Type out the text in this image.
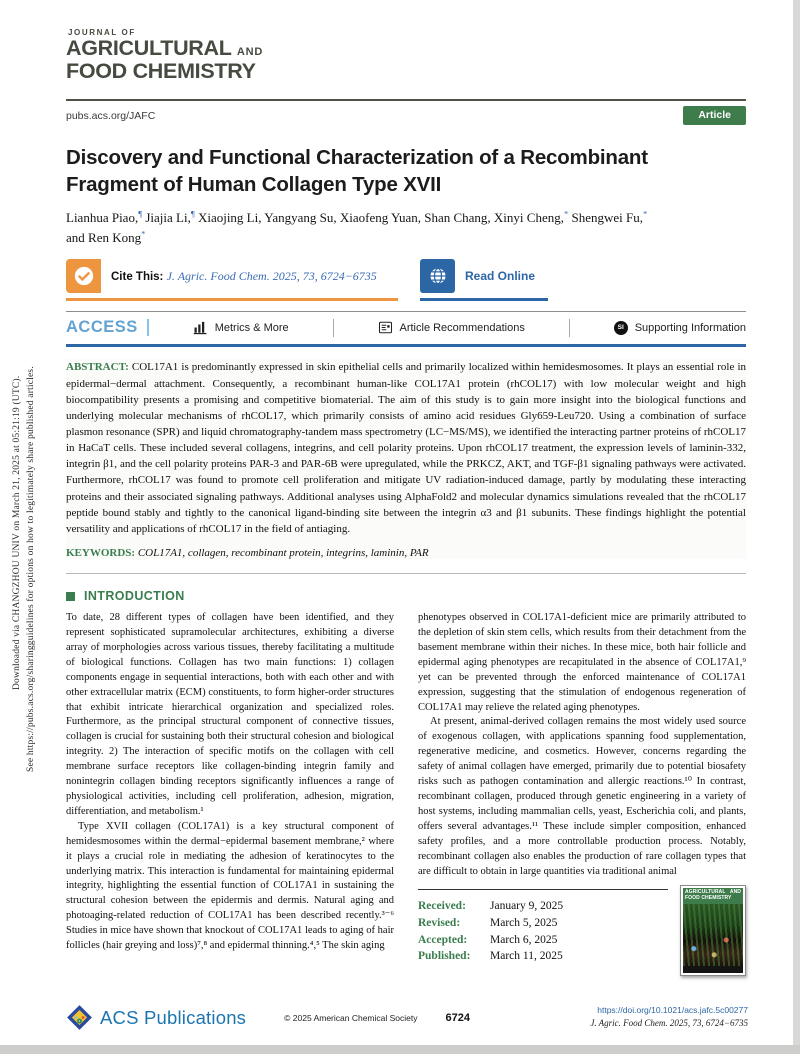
Downloaded via CHANGZHOU UNIV on March 21, 2025 at 05:21:19 (UTC). See https://pubs.acs.org/sharingguidelines for options on how to legitimately share published articles.
JOURNAL OF
AGRICULTURAL AND
FOOD CHEMISTRY
pubs.acs.org/JAFC	Article
Discovery and Functional Characterization of a Recombinant Fragment of Human Collagen Type XVII
Lianhua Piao,¶ Jiajia Li,¶ Xiaojing Li, Yangyang Su, Xiaofeng Yuan, Shan Chang, Xinyi Cheng,* Shengwei Fu,* and Ren Kong*
Cite This: J. Agric. Food Chem. 2025, 73, 6724−6735	Read Online
ACCESS	Metrics & More	Article Recommendations	SI Supporting Information

ABSTRACT: COL17A1 is predominantly expressed in skin epithelial cells and primarily localized within hemidesmosomes. It plays an essential role in epidermal−dermal attachment. Consequently, a recombinant human-like COL17A1 protein (rhCOL17) with low molecular weight and high biocompatibility presents a promising and competitive biomaterial. The aim of this study is to gain more insight into the biological functions and underlying molecular mechanisms of rhCOL17, which primarily consists of amino acid residues Gly659-Leu720. Using a combination of surface plasmon resonance (SPR) and liquid chromatography-tandem mass spectrometry (LC−MS/MS), we identified the interacting partner proteins of rhCOL17 in HaCaT cells. These included several collagens, integrins, and cell polarity proteins. Upon rhCOL17 treatment, the expression levels of laminin-332, integrin β1, and the cell polarity proteins PAR-3 and PAR-6B were upregulated, while the PRKCZ, AKT, and TGF-β1 signaling pathways were activated. Furthermore, rhCOL17 was found to promote cell proliferation and mitigate UV radiation-induced damage, partly by modulating these interacting proteins and their associated signaling pathways. Additional analyses using AlphaFold2 and molecular dynamics simulations revealed that the rhCOL17 peptide bound stably and tightly to the canonical ligand-binding site between the integrin α3 and β1 subunits. These findings highlight the potential versatility and applications of rhCOL17 in the field of antiaging.

KEYWORDS: COL17A1, collagen, recombinant protein, integrins, laminin, PAR

INTRODUCTION

To date, 28 different types of collagen have been identified, and they represent sophisticated supramolecular architectures, exhibiting a diverse array of morphologies across various tissues, thereby facilitating a multitude of biological functions. Collagen has two main functions: 1) collagen components engage in sequential interactions, both with each other and with other extracellular matrix (ECM) constituents, to form higher-order structures that exhibit intricate hierarchical organization and specialized roles. Furthermore, as the principal structural component of connective tissues, collagen is crucial for sustaining both their structural cohesion and biological integrity. 2) The interaction of specific motifs on the collagen with cell membrane surface receptors like collagen-binding integrin family and nonintegrin collagen binding receptors significantly influences a range of physiological activities, including cell proliferation, adhesion, migration, differentiation, and metabolism.¹

Type XVII collagen (COL17A1) is a key structural component of hemidesmosomes within the dermal−epidermal basement membrane,² where it plays a crucial role in mediating the adhesion of keratinocytes to the underlying matrix. This interaction is fundamental for maintaining epidermal integrity, highlighting the essential function of COL17A1 in sustaining the structural cohesion between the epidermis and dermis. Natural aging and photoaging-related reduction of COL17A1 has been described recently.³⁻⁶ Studies in mice have shown that knockout of COL17A1 leads to aging of hair follicles (hair greying and loss)⁷,⁸ and epidermal thinning.⁴,⁵ The skin aging

phenotypes observed in COL17A1-deficient mice are primarily attributed to the depletion of skin stem cells, which results from their detachment from the basement membrane within their niches. In these mice, both hair follicle and epidermal aging phenotypes are recapitulated in the absence of COL17A1,⁹ yet can be prevented through the enforced maintenance of COL17A1 expression, suggesting that the stimulation of endogenous regeneration of COL17A1 may relieve the related aging phenotypes.

At present, animal-derived collagen remains the most widely used source of exogenous collagen, with applications spanning food supplementation, regenerative medicine, and cosmetics. However, concerns regarding the safety of animal collagen have emerged, primarily due to potential biosafety risks such as pathogen contamination and allergic reactions.¹⁰ In contrast, recombinant collagen, produced through genetic engineering in a variety of host systems, including mammalian cells, yeast, Escherichia coli, and plants, offers several advantages.¹¹ These include simpler composition, enhanced safety profiles, and a more controllable production process. Notably, recombinant collagen also enables the production of rare collagen types that are difficult to obtain in large quantities via traditional animal

Received:	January 9, 2025
Revised:	March 5, 2025
Accepted:	March 6, 2025
Published:	March 11, 2025
AGRICULTURAL AND FOOD CHEMISTRY
ACS Publications	© 2025 American Chemical Society	6724
https://doi.org/10.1021/acs.jafc.5c00277
J. Agric. Food Chem. 2025, 73, 6724−6735
